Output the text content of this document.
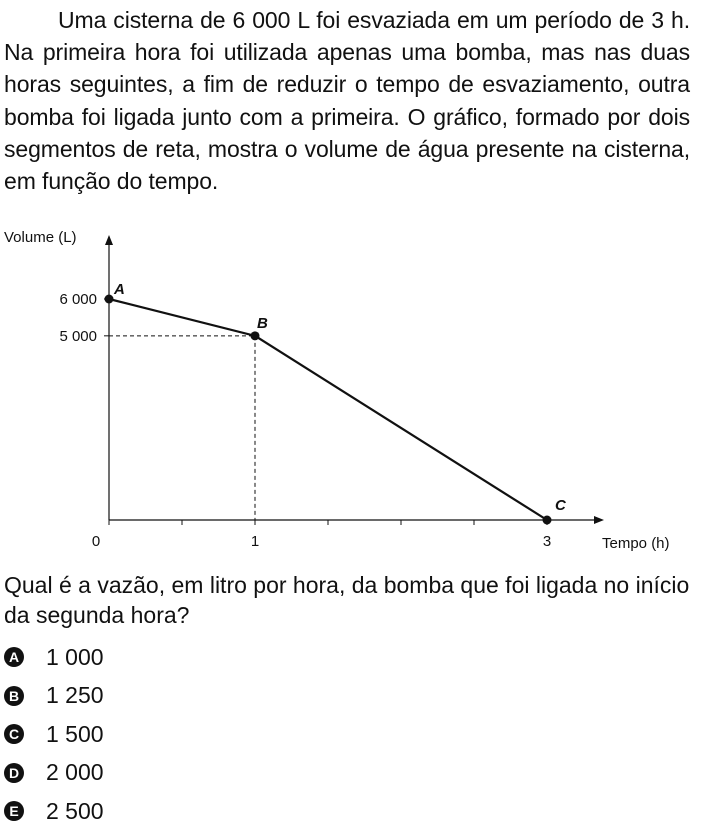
Uma cisterna de 6 000 L foi esvaziada em um período de 3 h. Na primeira hora foi utilizada apenas uma bomba, mas nas duas horas seguintes, a fim de reduzir o tempo de esvaziamento, outra bomba foi ligada junto com a primeira. O gráfico, formado por dois segmentos de reta, mostra o volume de água presente na cisterna, em função do tempo.

A
B
C
6 000
5 000
0	1	3
Volume (L)
Tempo (h)

Qual é a vazão, em litro por hora, da bomba que foi ligada no início da segunda hora?

A 1 000
B 1 250
C 1 500
D 2 000
E 2 500
